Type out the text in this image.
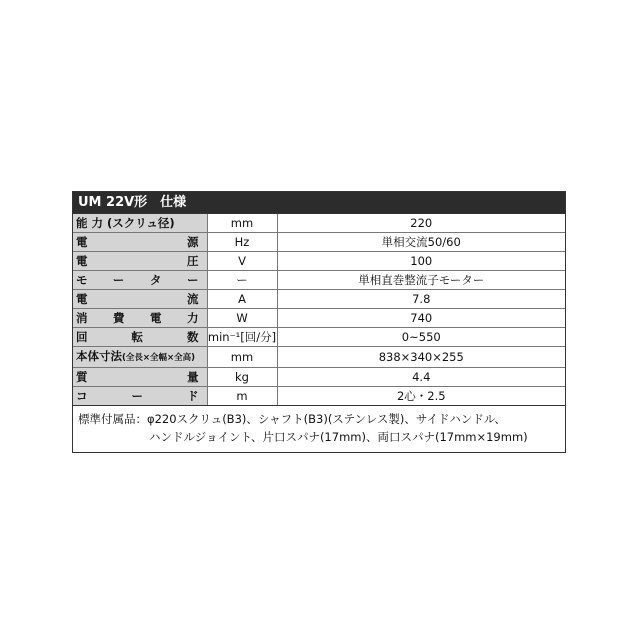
UM 22V形　仕様
能 力 (スクリュ径)	mm	220

電源	Hz	単相交流50/60

電圧	V	100

モーター	ー	単相直巻整流子モーター

電流	A	7.8

消費電力	W	740

回転数	min⁻¹[回/分]	0~550
本体寸法(全長×全幅×全高)	mm	838×340×255

質量	kg	4.4

コード	m	2心・2.5
標準付属品：φ220スクリュ(B3)、シャフト(B3)(ステンレス製)、サイドハンドル、
ハンドルジョイント、片口スパナ(17mm)、両口スパナ(17mm×19mm)
